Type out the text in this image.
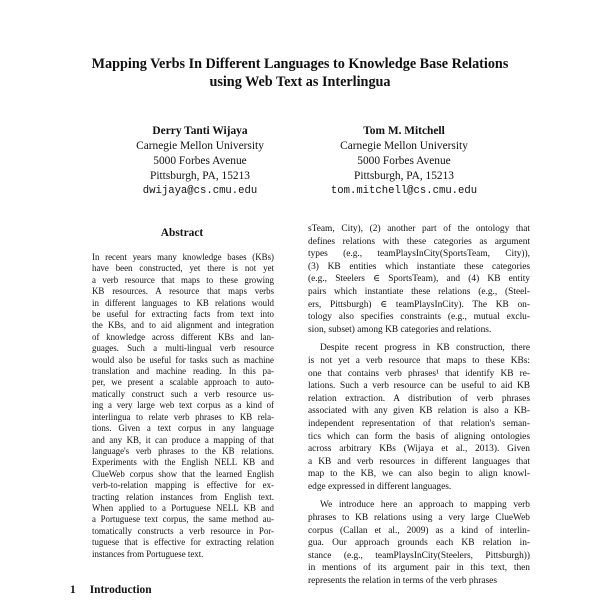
Mapping Verbs In Different Languages to Knowledge Base Relations
using Web Text as Interlingua
Derry Tanti Wijaya
Carnegie Mellon University
5000 Forbes Avenue
Pittsburgh, PA, 15213
dwijaya@cs.cmu.edu
Tom M. Mitchell
Carnegie Mellon University
5000 Forbes Avenue
Pittsburgh, PA, 15213
tom.mitchell@cs.cmu.edu
Abstract
In recent years many knowledge bases (KBs)
have been constructed, yet there is not yet
a verb resource that maps to these growing
KB resources. A resource that maps verbs
in different languages to KB relations would
be useful for extracting facts from text into
the KBs, and to aid alignment and integration
of knowledge across different KBs and lan-
guages. Such a multi-lingual verb resource
would also be useful for tasks such as machine
translation and machine reading. In this pa-
per, we present a scalable approach to auto-
matically construct such a verb resource us-
ing a very large web text corpus as a kind of
interlingua to relate verb phrases to KB rela-
tions. Given a text corpus in any language
and any KB, it can produce a mapping of that
language's verb phrases to the KB relations.
Experiments with the English NELL KB and
ClueWeb corpus show that the learned English
verb-to-relation mapping is effective for ex-
tracting relation instances from English text.
When applied to a Portuguese NELL KB and
a Portuguese text corpus, the same method au-
tomatically constructs a verb resource in Por-
tuguese that is effective for extracting relation
instances from Portuguese text.
1 Introduction
sTeam, City), (2) another part of the ontology that
defines relations with these categories as argument
types (e.g., teamPlaysInCity(SportsTeam, City)),
(3) KB entities which instantiate these categories
(e.g., Steelers ∈ SportsTeam), and (4) KB entity
pairs which instantiate these relations (e.g., (Steel-
ers, Pittsburgh) ∈ teamPlaysInCity). The KB on-
tology also specifies constraints (e.g., mutual exclu-
sion, subset) among KB categories and relations.
Despite recent progress in KB construction, there
is not yet a verb resource that maps to these KBs:
one that contains verb phrases¹ that identify KB re-
lations. Such a verb resource can be useful to aid KB
relation extraction. A distribution of verb phrases
associated with any given KB relation is also a KB-
independent representation of that relation's seman-
tics which can form the basis of aligning ontologies
across arbitrary KBs (Wijaya et al., 2013). Given
a KB and verb resources in different languages that
map to the KB, we can also begin to align knowl-
edge expressed in different languages.
We introduce here an approach to mapping verb
phrases to KB relations using a very large ClueWeb
corpus (Callan et al., 2009) as a kind of interlin-
gua. Our approach grounds each KB relation in-
stance (e.g., teamPlaysInCity(Steelers, Pittsburgh))
in mentions of its argument pair in this text, then
represents the relation in terms of the verb phrases
